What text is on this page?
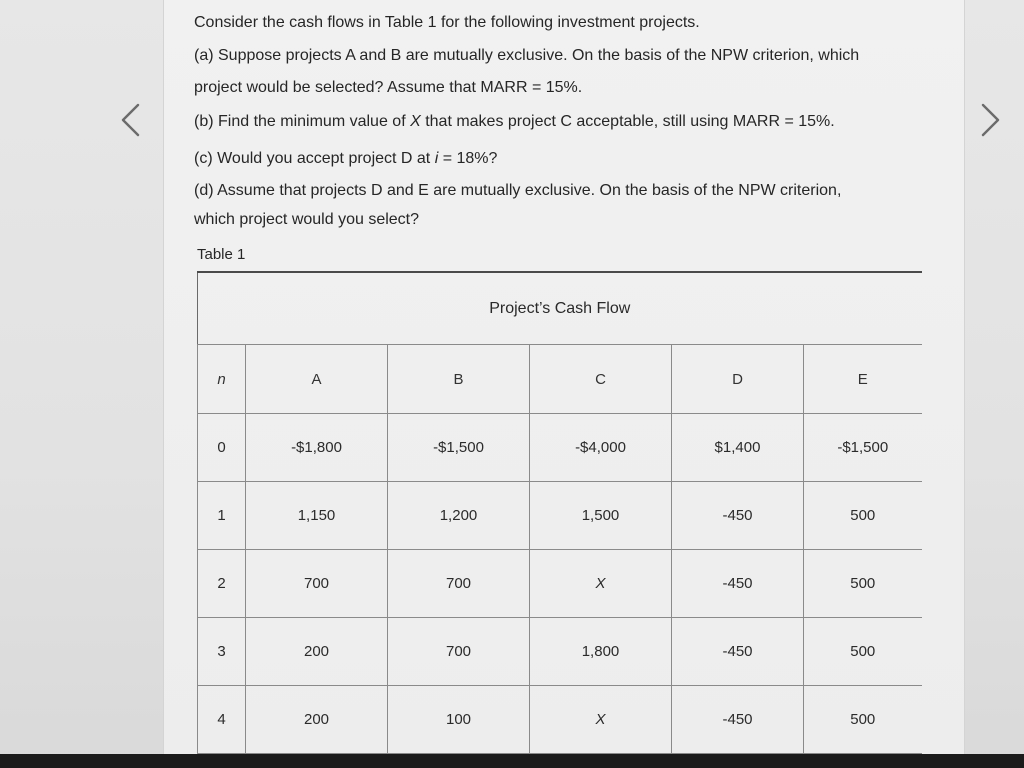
Consider the cash flows in Table 1 for the following investment projects.
(a) Suppose projects A and B are mutually exclusive. On the basis of the NPW criterion, which
project would be selected? Assume that MARR = 15%.
(b) Find the minimum value of X that makes project C acceptable, still using MARR = 15%.
(c) Would you accept project D at i = 18%?
(d) Assume that projects D and E are mutually exclusive. On the basis of the NPW criterion,
which project would you select?
Table 1
Project’s Cash Flow					
n	A	B	C	D	E
0	-$1,800	-$1,500	-$4,000	$1,400	-$1,500
1	1,150	1,200	1,500	-450	500
2	700	700	X	-450	500
3	200	700	1,800	-450	500
4	200	100	X	-450	500
